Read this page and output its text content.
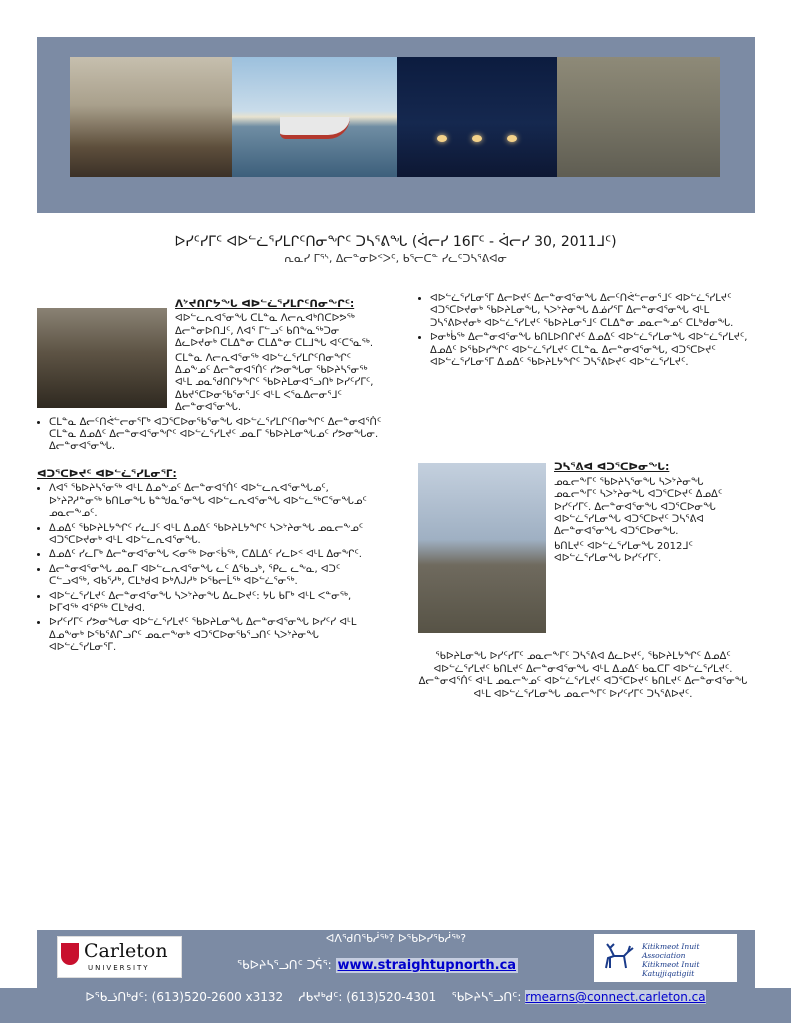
ᐅᓯᑦᓯᒥᑦ ᐊᐅᓪᓛᕐᓯᒪᒋᑦᑎᓂᖏᑦ ᑐᓴᕐᕕᖓ (ᐋᓕᓯ 16ᒥᑦ - ᐋᓕᓯ 30, 2011ᒧᑦ)
ᕆᓇᓯ ᒥᕐᔅ, ᐃᓕᓐᓂᐅᑉᐳᑦ, ᑲᕐᓕᑕᓐ ᓯᓚᑦᑐᓴᕐᕕᐊᓂ
ᐱᔾᔪᑎᒋᔭᖓ ᐊᐅᓪᓛᕐᓯᒪᒋᑦᑎᓂᖏᑦ:
• ᐊᐅᓪᓚᕆᐊᕐᓂᖓ ᑕᒪᓐᓇ ᐱᓕᕆᐊᒃᑎᑕᐅᕗᖅ ᐃᓕᓐᓂᐅᑎᒧᑦ, ᐱᐊᕐ ᒥᓪᓗᑦ ᑲᑎᖕᓇᖅᑐᓂ ᐃᓚᐅᔪᓂᒃ ᑕᒪᐃᓐᓂ ᑕᒪᐃᓐᓂ ᑕᒪᒧᖓ ᐊᑦᑕᕐᓇᖅ.
• ᑕᒪᓐᓇ ᐱᓕᕆᐊᕐᓂᖅ ᐊᐅᓪᓛᕐᓯᒪᒋᑦᑎᓂᖏᑦ ᐃᓄᖕᓄᑦ ᐃᓕᓐᓂᐊᕐᑏᑦ ᓯᕗᓂᖓᓂ ᖃᐅᔨᓴᕐᓂᖅ ᐊᒻᒪ ᓄᓇᖁᑎᒋᔭᖏᑦ ᖃᐅᔨᒪᓂᐊᕐᓗᑎᒃ ᐅᓯᑦᓯᒥᑦ, ᐃᑲᔪᕐᑕᐅᓂᖃᕐᓂᕐᒧᑦ ᐊᒻᒪ ᐸᕐᓇᐃᓕᓂᕐᒧᑦ ᐃᓕᓐᓂᐊᕐᓂᖓ.
• ᑕᒪᓐᓇ ᐃᓕᑦᑎᕚᓪᓕᓂᕐᒥᒃ ᐊᑐᕐᑕᐅᓂᖃᕐᓂᖓ ᐊᐅᓪᓛᕐᓯᒪᒋᑦᑎᓂᖏᑦ ᐃᓕᓐᓂᐊᕐᑏᑦ ᑕᒪᓐᓇ ᐃᓄᐃᑦ ᐃᓕᓐᓂᐊᕐᓂᖏᑦ ᐊᐅᓪᓛᕐᓯᒪᔪᑦ ᓄᓇᒥ ᖃᐅᔨᒪᓂᖓᓄᑦ ᓯᕗᓂᖓᓂ. ᐃᓕᓐᓂᐊᕐᓂᖓ.
ᐊᑐᕐᑕᐅᔪᑦ ᐊᐅᓪᓛᕐᓯᒪᓂᕐᒥ:
• ᐱᐊᕐ ᖃᐅᔨᓴᕐᓂᖅ ᐊᒻᒪ ᐃᓄᖕᓄᑦ ᐃᓕᓐᓂᐊᕐᑏᑦ ᐊᐅᓪᓚᕆᐊᕐᓂᖓᓄᑦ, ᐅᔾᔨᕈᓱᓐᓂᖅ ᑲᑎᒪᓂᖓ ᑲᓐᖑᓇᕐᓂᖓ ᐊᐅᓪᓚᕆᐊᕐᓂᖓ ᐊᐅᓪᓚᖅᑕᕐᓂᖓᓄᑦ ᓄᓇᓕᖕᓄᑦ.
• ᐃᓄᐃᑦ ᖃᐅᔨᒪᔭᖏᑦ ᓯᓚᒧᑦ ᐊᒻᒪ ᐃᓄᐃᑦ ᖃᐅᔨᒪᔭᖏᑦ ᓴᐳᔾᔨᓂᖓ ᓄᓇᓕᖕᓄᑦ ᐊᑐᕐᑕᐅᔪᓂᒃ ᐊᒻᒪ ᐊᐅᓪᓚᕆᐊᕐᓂᖓ.
• ᐃᓄᐃᑦ ᓯᓚᒥᒃ ᐃᓕᓐᓂᐊᕐᓂᖓ ᐸᓂᖅ ᐅᓂᑉᑳᖅ, ᑕᐃᒪᐃᑦ ᓯᓚᐅᑉ ᐊᒻᒪ ᐃᓂᖏᑦ.
• ᐃᓕᓐᓂᐊᕐᓂᖓ ᓄᓇᒥ ᐊᐅᓪᓚᕆᐊᕐᓂᖓ ᓚᑦ ᐃᖃᓗᒃ, ᕿᓚ ᓚᖕᓇ, ᐊᑐᑦ ᑕᓪᓗᐊᖅ, ᐊᑲᕐᓱᒃ, ᑕᒪᒃᑯᐊ ᐅᒃᐱᒍᓱᒃ ᐅᖃᓕᒫᖅ ᐊᐅᓪᓛᕐᓂᖅ.
• ᐊᐅᓪᓛᕐᓯᒪᔪᑦ ᐃᓕᓐᓂᐊᕐᓂᖓ ᓴᐳᔾᔨᓂᖓ ᐃᓚᐅᔪᑦ: ᔭᒐ ᑲᒥᒃ ᐊᒻᒪ ᐸᓐᓂᖅ, ᐅᒥᐊᖅ ᐊᕿᖅ ᑕᒪᒃᑯᐊ.
• ᐅᓯᑦᓯᒥᑦ ᓯᕗᓂᖓᓂ ᐊᐅᓪᓛᕐᓯᒪᔪᑦ ᖃᐅᔨᒪᓂᖓ ᐃᓕᓐᓂᐊᕐᓂᖓ ᐅᓯᑦᓯ ᐊᒻᒪ ᐃᓄᖕᓂᒃ ᐅᖃᕐᕕᒋᓗᒋᑦ ᓄᓇᓕᖕᓂᒃ ᐊᑐᕐᑕᐅᓂᖃᕐᓗᑎᑦ ᓴᐳᔾᔨᓂᖓ ᐊᐅᓪᓛᕐᓯᒪᓂᕐᒥ.
• ᐊᐅᓪᓛᕐᓯᒪᓂᕐᒥ ᐃᓕᐅᔪᑦ ᐃᓕᓐᓂᐊᕐᓂᖓ ᐃᓕᑦᑎᕚᓪᓕᓂᕐᒧᑦ ᐊᐅᓪᓛᕐᓯᒪᔪᑦ ᐊᑐᕐᑕᐅᔪᓂᒃ ᖃᐅᔨᒪᓂᖓ, ᓴᐳᔾᔨᓂᖓ ᐃᓅᓯᕐᒥ ᐃᓕᓐᓂᐊᕐᓂᖓ ᐊᒻᒪ ᑐᓴᕐᕕᐅᔪᓂᒃ ᐊᐅᓪᓛᕐᓯᒪᔪᑦ ᖃᐅᔨᒪᓂᕐᒧᑦ ᑕᒪᐃᓐᓂ ᓄᓇᓕᖕᓄᑦ ᑕᒪᒃᑯᓂᖓ.
• ᐅᓂᒃᑳᖅ ᐃᓕᓐᓂᐊᕐᓂᖓ ᑲᑎᒪᐅᑎᒋᔪᑦ ᐃᓄᐃᑦ ᐊᐅᓪᓛᕐᓯᒪᓂᖓ ᐊᐅᓪᓛᕐᓯᒪᔪᑦ, ᐃᓄᐃᑦ ᐅᖃᐅᓯᖏᑦ ᐊᐅᓪᓛᕐᓯᒪᔪᑦ ᑕᒪᓐᓇ ᐃᓕᓐᓂᐊᕐᓂᖓ, ᐊᑐᕐᑕᐅᔪᑦ ᐊᐅᓪᓛᕐᓯᒪᓂᕐᒥ ᐃᓄᐃᑦ ᖃᐅᔨᒪᔭᖏᑦ ᑐᓴᕐᕕᐅᔪᑦ ᐊᐅᓪᓛᕐᓯᒪᔪᑦ.
ᑐᓴᕐᕕᐊ ᐊᑐᕐᑕᐅᓂᖓ:
• ᓄᓇᓕᖕᒥᑦ ᖃᐅᔨᓴᕐᓂᖓ ᓴᐳᔾᔨᓂᖓ ᓄᓇᓕᖕᒥᑦ ᓴᐳᔾᔨᓂᖓ ᐊᑐᕐᑕᐅᔪᑦ ᐃᓄᐃᑦ ᐅᓯᑦᓯᒥᑦ. ᐃᓕᓐᓂᐊᕐᓂᖓ ᐊᑐᕐᑕᐅᓂᖓ ᐊᐅᓪᓛᕐᓯᒪᓂᖓ ᐊᑐᕐᑕᐅᔪᑦ ᑐᓴᕐᕕᐊ ᐃᓕᓐᓂᐊᕐᓂᖓ ᐊᑐᕐᑕᐅᓂᖓ.
• ᑲᑎᒪᔪᑦ ᐊᐅᓪᓛᕐᓯᒪᓂᖓ 2012ᒧᑦ ᐊᐅᓪᓛᕐᓯᒪᓂᖓ ᐅᓯᑦᓯᒥᑦ.
ᖃᐅᔨᒪᓂᖓ ᐅᓯᑦᓯᒥᑦ ᓄᓇᓕᖕᒥᑦ ᑐᓴᕐᕕᐊ ᐃᓚᐅᔪᑦ, ᖃᐅᔨᒪᔭᖏᑦ ᐃᓄᐃᑦ ᐊᐅᓪᓛᕐᓯᒪᔪᑦ ᑲᑎᒪᔪᑦ ᐃᓕᓐᓂᐊᕐᓂᖓ ᐊᒻᒪ ᐃᓄᐃᑦ ᑲᓇᑕᒥ ᐊᐅᓪᓛᕐᓯᒪᔪᑦ. ᐃᓕᓐᓂᐊᕐᑏᑦ ᐊᒻᒪ ᓄᓇᓕᖕᓄᑦ ᐊᐅᓪᓛᕐᓯᒪᔪᑦ ᐊᑐᕐᑕᐅᔪᑦ ᑲᑎᒪᔪᑦ ᐃᓕᓐᓂᐊᕐᓂᖓ ᐊᒻᒪ ᐊᐅᓪᓛᕐᓯᒪᓂᖓ ᓄᓇᓕᖕᒥᑦ ᐅᓯᑦᓯᒥᑦ ᑐᓴᕐᕕᐅᔪᑦ.
Carleton
UNIVERSITY
ᐊᐱᕐᑯᑎᖃᓲᖅ? ᐅᖃᐅᓯᖃᓲᖅ?
ᖃᐅᔨᓴᕐᓗᑎᑦ ᑐᕌᕐ: www.straightupnorth.ca
Kitikmeot Inuit Association
Kitikmeot Inuit Katujjiqatigiit
ᐅᖃᓘᑎᒃᑯᑦ: (613)520-2600 x3132 ᓱᑲᔪᒃᑯᑦ: (613)520-4301 ᖃᐅᔨᓴᕐᓗᑎᑦ: rmearns@connect.carleton.ca
